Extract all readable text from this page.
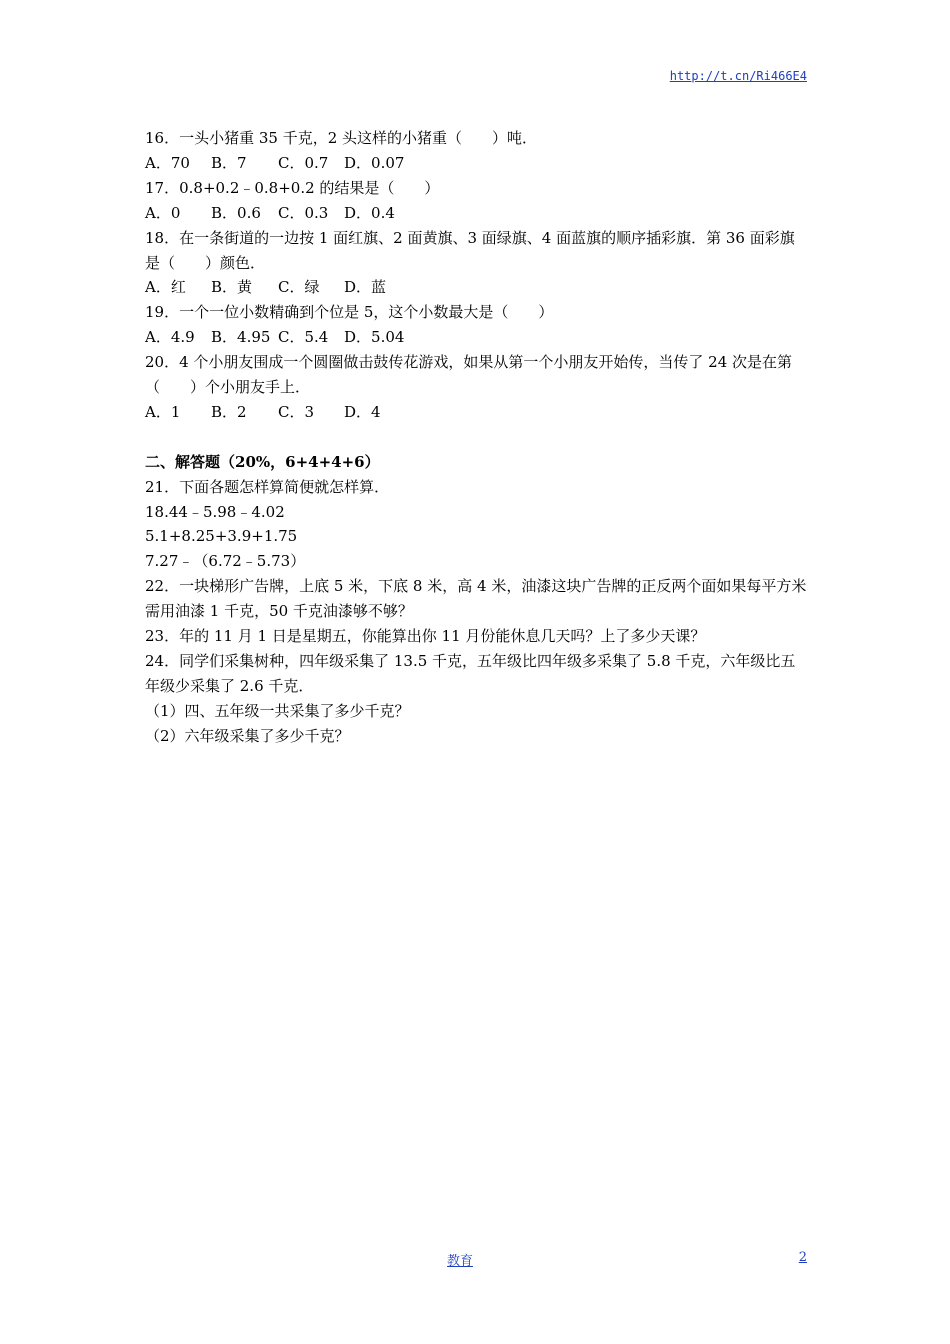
http://t.cn/Ri466E4
16．一头小猪重 35 千克，2 头这样的小猪重（　　）吨．
A．70 B．7 C．0.7 D．0.07
17．0.8+0.2﹣0.8+0.2 的结果是（　　）
A．0 B．0.6 C．0.3 D．0.4
18．在一条街道的一边按 1 面红旗、2 面黄旗、3 面绿旗、4 面蓝旗的顺序插彩旗．第 36 面彩旗是（　　）颜色．
A．红 B．黄 C．绿 D．蓝
19．一个一位小数精确到个位是 5，这个小数最大是（　　）
A．4.9 B．4.95 C．5.4 D．5.04
20．4 个小朋友围成一个圆圈做击鼓传花游戏，如果从第一个小朋友开始传，当传了 24 次是在第（　　）个小朋友手上．
A．1 B．2 C．3 D．4
二、解答题（20%，6+4+4+6）
21．下面各题怎样算简便就怎样算．
18.44﹣5.98﹣4.02
5.1+8.25+3.9+1.75
7.27﹣（6.72﹣5.73）
22．一块梯形广告牌，上底 5 米，下底 8 米，高 4 米，油漆这块广告牌的正反两个面如果每平方米需用油漆 1 千克，50 千克油漆够不够？
23．年的 11 月 1 日是星期五，你能算出你 11 月份能休息几天吗？上了多少天课？
24．同学们采集树种，四年级采集了 13.5 千克，五年级比四年级多采集了 5.8 千克，六年级比五年级少采集了 2.6 千克．
（1）四、五年级一共采集了多少千克？
（2）六年级采集了多少千克？
教育	2
